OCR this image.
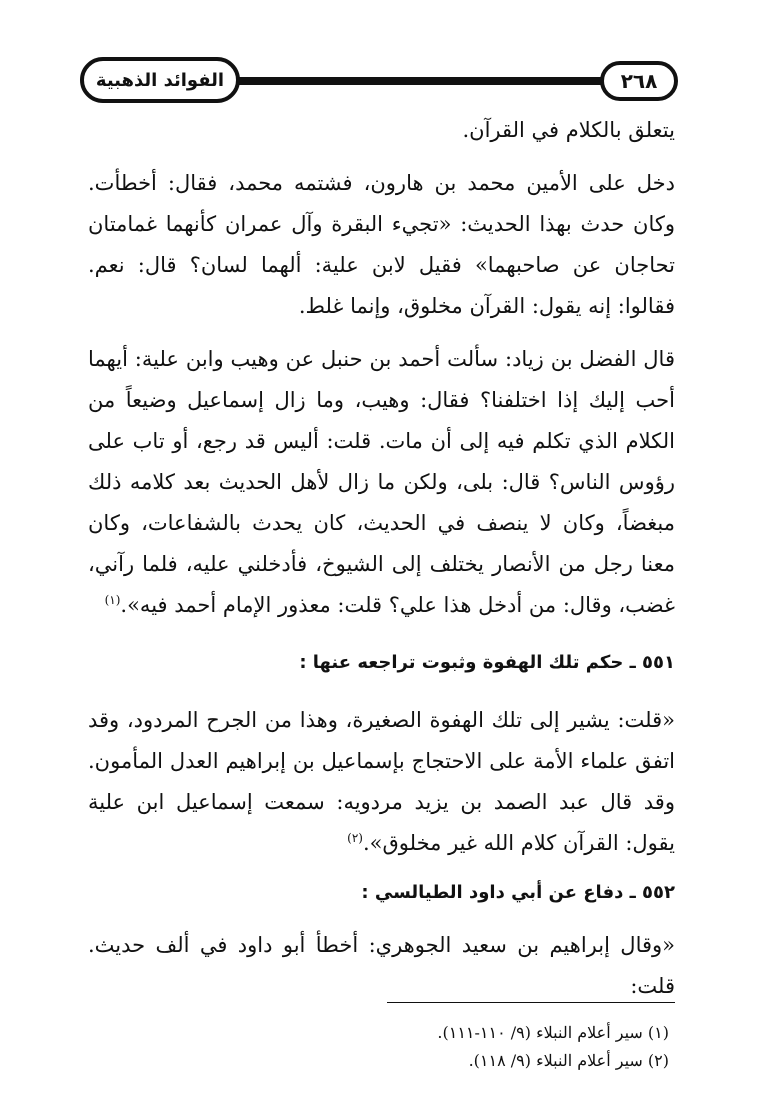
الفوائد الذهبية	٢٦٨

يتعلق بالكلام في القرآن.

دخل على الأمين محمد بن هارون، فشتمه محمد، فقال: أخطأت. وكان حدث بهذا الحديث: «تجيء البقرة وآل عمران كأنهما غمامتان تحاجان عن صاحبهما» فقيل لابن علية: ألهما لسان؟ قال: نعم. فقالوا: إنه يقول: القرآن مخلوق، وإنما غلط.

قال الفضل بن زياد: سألت أحمد بن حنبل عن وهيب وابن علية: أيهما أحب إليك إذا اختلفنا؟ فقال: وهيب، وما زال إسماعيل وضيعاً من الكلام الذي تكلم فيه إلى أن مات. قلت: أليس قد رجع، أو تاب على رؤوس الناس؟ قال: بلى، ولكن ما زال لأهل الحديث بعد كلامه ذلك مبغضاً، وكان لا ينصف في الحديث، كان يحدث بالشفاعات، وكان معنا رجل من الأنصار يختلف إلى الشيوخ، فأدخلني عليه، فلما رآني، غضب، وقال: من أدخل هذا علي؟ قلت: معذور الإمام أحمد فيه».$^{(١)}$

٥٥١ ـ حكم تلك الهفوة وثبوت تراجعه عنها :

«قلت: يشير إلى تلك الهفوة الصغيرة، وهذا من الجرح المردود، وقد اتفق علماء الأمة على الاحتجاج بإسماعيل بن إبراهيم العدل المأمون. وقد قال عبد الصمد بن يزيد مردويه: سمعت إسماعيل ابن علية يقول: القرآن كلام الله غير مخلوق».$^{(٢)}$

٥٥٢ ـ دفاع عن أبي داود الطيالسي :

«وقال إبراهيم بن سعيد الجوهري: أخطأ أبو داود في ألف حديث. قلت:

(١) سير أعلام النبلاء (٩/ ١١٠-١١١).

(٢) سير أعلام النبلاء (٩/ ١١٨).
